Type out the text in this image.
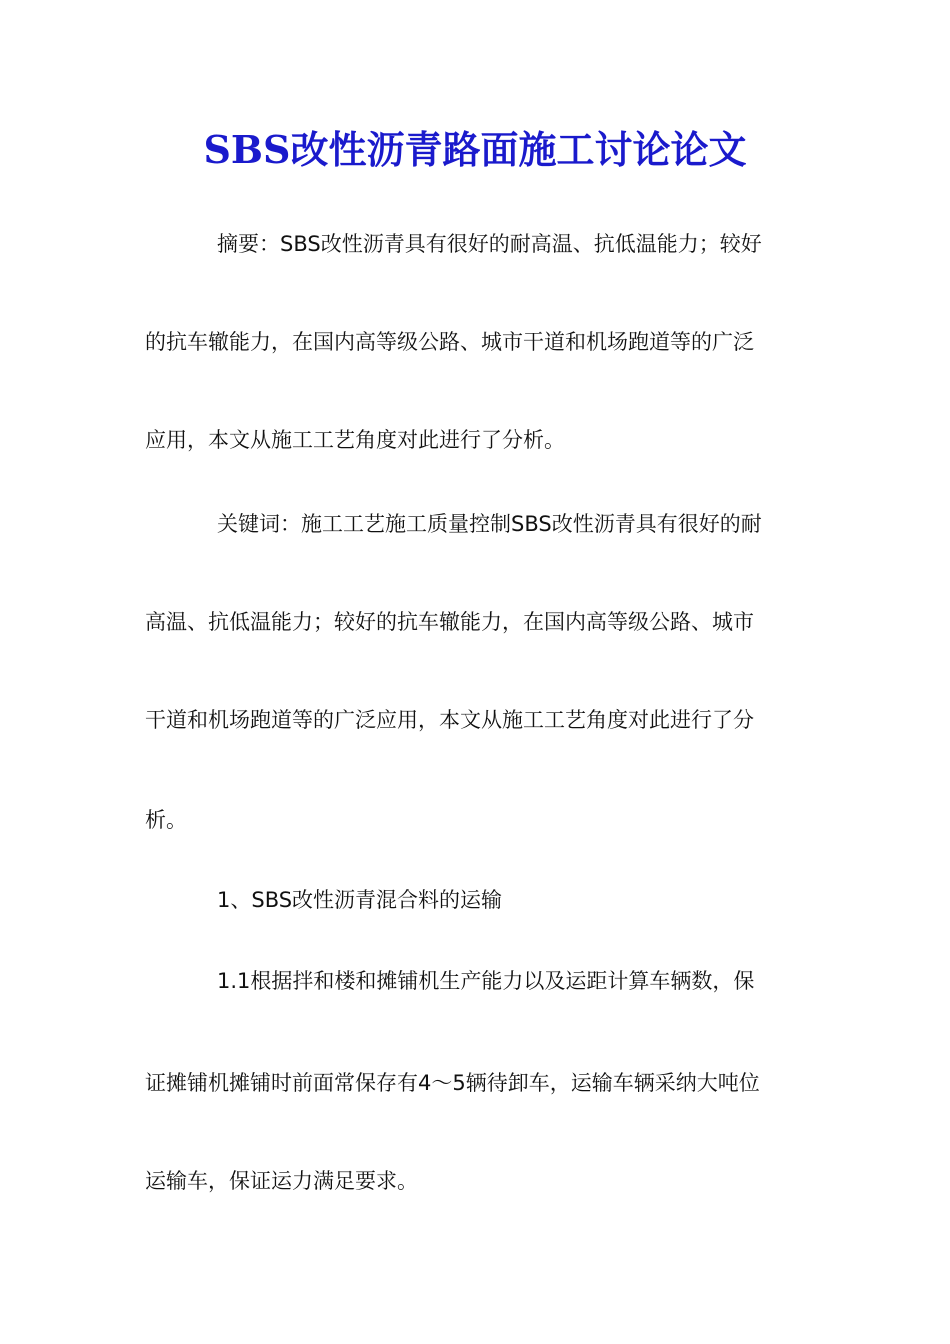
SBS改性沥青路面施工讨论论文
摘要：SBS改性沥青具有很好的耐高温、抗低温能力；较好
的抗车辙能力，在国内高等级公路、城市干道和机场跑道等的广泛
应用，本文从施工工艺角度对此进行了分析。
关键词：施工工艺施工质量控制SBS改性沥青具有很好的耐
高温、抗低温能力；较好的抗车辙能力，在国内高等级公路、城市
干道和机场跑道等的广泛应用，本文从施工工艺角度对此进行了分
析。
1、SBS改性沥青混合料的运输
1.1根据拌和楼和摊铺机生产能力以及运距计算车辆数，保
证摊铺机摊铺时前面常保存有4～5辆待卸车，运输车辆采纳大吨位
运输车，保证运力满足要求。
